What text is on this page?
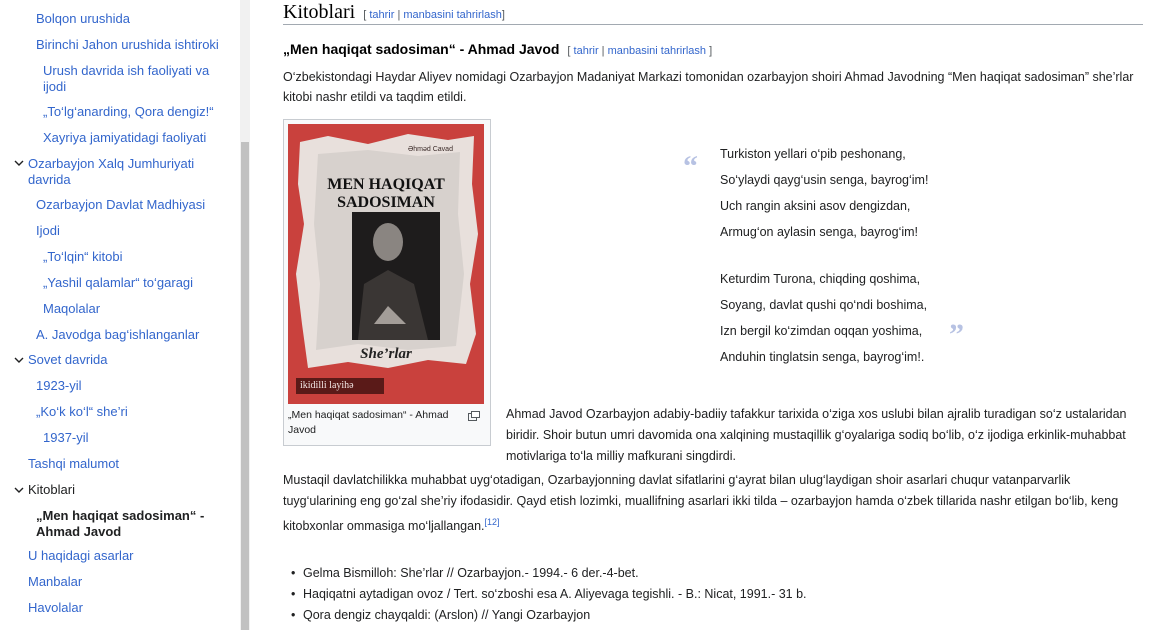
Bolqon urushida
Birinchi Jahon urushida ishtiroki
Urush davrida ish faoliyati va ijodi
„To‘lg‘anarding, Qora dengiz!“
Xayriya jamiyatidagi faoliyati
Ozarbayjon Xalq Jumhuriyati davrida
Ozarbayjon Davlat Madhiyasi
Ijodi
„To‘lqin“ kitobi
„Yashil qalamlar“ to‘garagi
Maqolalar
A. Javodga bag‘ishlanganlar
Sovet davrida
1923-yil
„Ko‘k ko‘l“ she’ri
1937-yil
Tashqi malumot
Kitoblari
„Men haqiqat sadosiman“ - Ahmad Javod
U haqidagi asarlar
Manbalar
Havolalar
Kitoblari [ tahrir | manbasini tahrirlash]
„Men haqiqat sadosiman“ - Ahmad Javod [ tahrir | manbasini tahrirlash ]

O‘zbekistondagi Haydar Aliyev nomidagi Ozarbayjon Madaniyat Markazi tomonidan ozarbayjon shoiri Ahmad Javodning “Men haqiqat sadosiman” she’rlar kitobi nashr etildi va taqdim etildi.

Əhməd Cavad
MEN HAQIQAT
SADOSIMAN
She’rlar
ikidilli layihə
„Men haqiqat sadosiman“ - Ahmad Javod
“ Turkiston yellari o‘pib peshonang,
So‘ylaydi qayg‘usin senga, bayrog‘im!
Uch rangin aksini asov dengizdan,
Armug‘on aylasin senga, bayrog‘im!
Keturdim Turona, chiqding qoshima,
Soyang, davlat qushi qo‘ndi boshima,
Izn bergil ko‘zimdan oqqan yoshima,
Anduhin tinglatsin senga, bayrog‘im!.
”

Ahmad Javod Ozarbayjon adabiy-badiiy tafakkur tarixida o‘ziga xos uslubi bilan ajralib turadigan so‘z ustalaridan biridir. Shoir butun umri davomida ona xalqining mustaqillik g‘oyalariga sodiq bo‘lib, o‘z ijodiga erkinlik-muhabbat motivlariga to‘la milliy mafkurani singdirdi.

Mustaqil davlatchilikka muhabbat uyg‘otadigan, Ozarbayjonning davlat sifatlarini g‘ayrat bilan ulug‘laydigan shoir asarlari chuqur vatanparvarlik tuyg‘ularining eng go‘zal she’riy ifodasidir. Qayd etish lozimki, muallifning asarlari ikki tilda – ozarbayjon hamda o‘zbek tillarida nashr etilgan bo‘lib, keng kitobxonlar ommasiga mo‘ljallangan.[12]

• Gelma Bismilloh: She’rlar // Ozarbayjon.- 1994.- 6 der.-4-bet.
• Haqiqatni aytadigan ovoz / Tert. so‘zboshi esa A. Aliyevaga tegishli. - B.: Nicat, 1991.- 31 b.
• Qora dengiz chayqaldi: (Arslon) // Yangi Ozarbayjon
